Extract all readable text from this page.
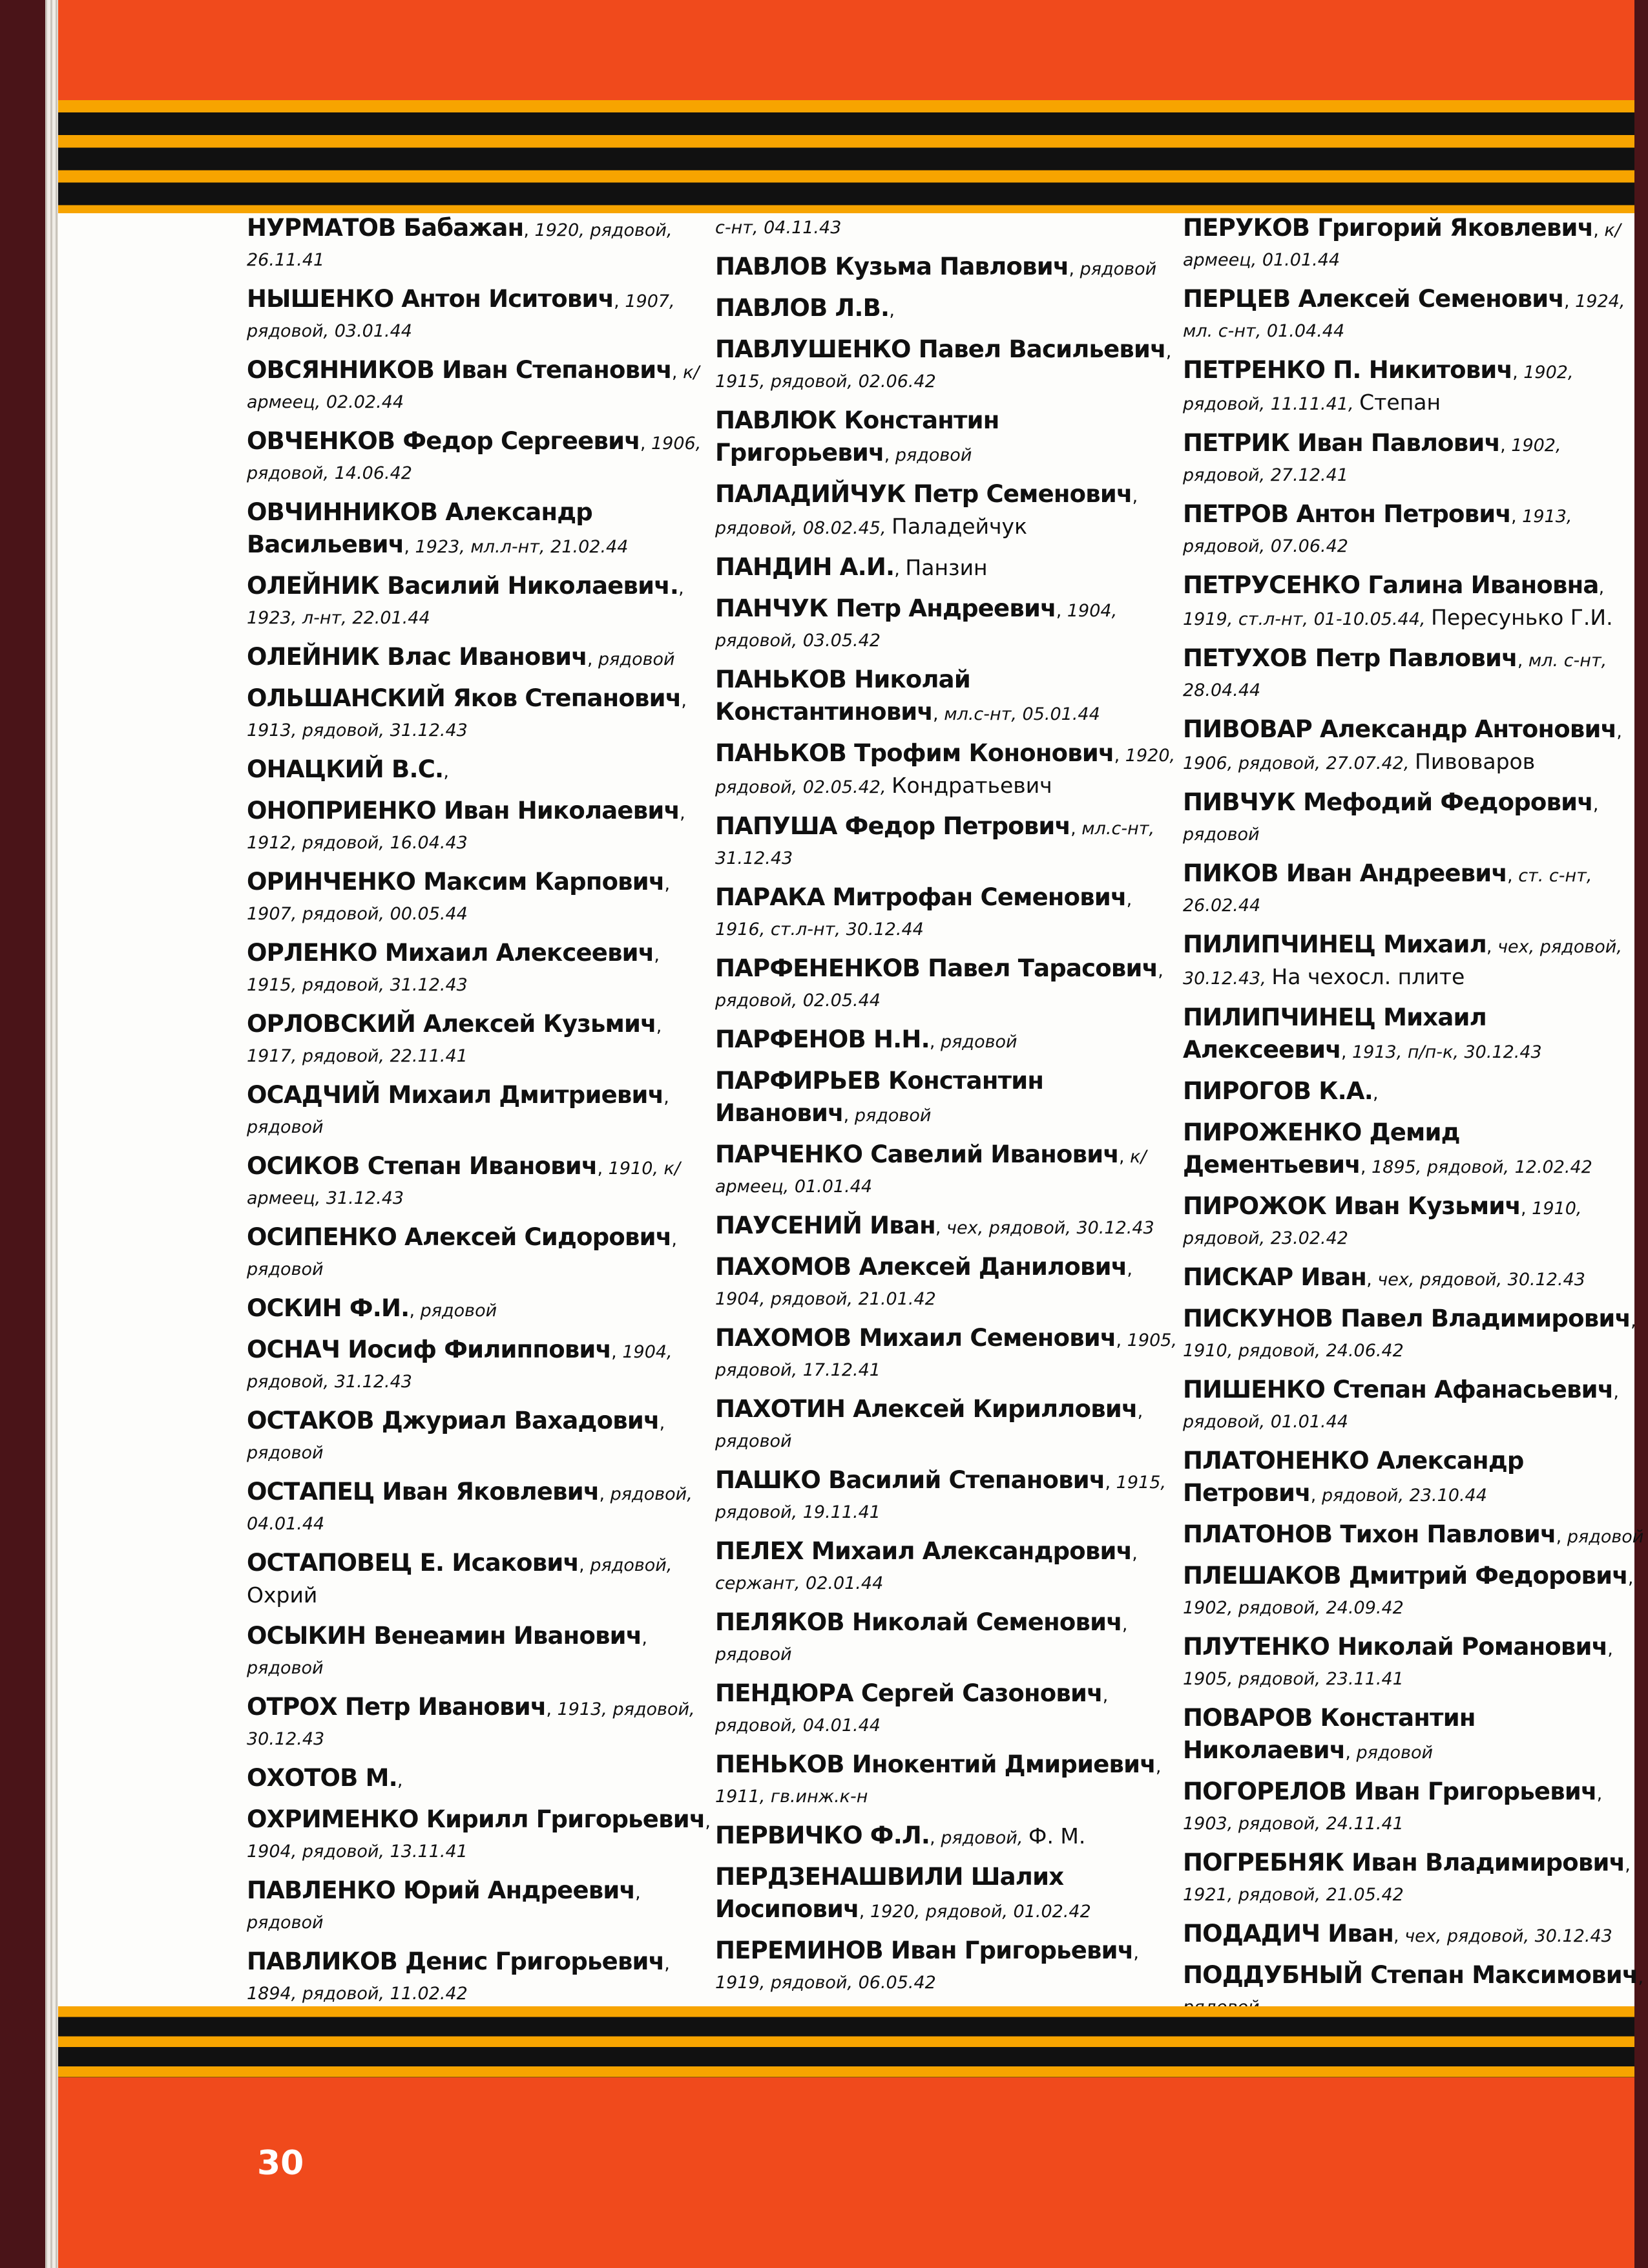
НУРМАТОВ Бабажан, 1920, рядовой, 26.11.41
НЫШЕНКО Антон Иситович, 1907, рядовой, 03.01.44
ОВСЯННИКОВ Иван Степанович, к/армеец, 02.02.44
ОВЧЕНКОВ Федор Сергеевич, 1906, рядовой, 14.06.42
ОВЧИННИКОВ Александр Васильевич, 1923, мл.л-нт, 21.02.44
ОЛЕЙНИК Василий Николаевич., 1923, л-нт, 22.01.44
ОЛЕЙНИК Влас Иванович, рядовой
ОЛЬШАНСКИЙ Яков Степанович, 1913, рядовой, 31.12.43
ОНАЦКИЙ В.С.,
ОНОПРИЕНКО Иван Николаевич, 1912, рядовой, 16.04.43
ОРИНЧЕНКО Максим Карпович, 1907, рядовой, 00.05.44
ОРЛЕНКО Михаил Алексеевич, 1915, рядовой, 31.12.43
ОРЛОВСКИЙ Алексей Кузьмич, 1917, рядовой, 22.11.41
ОСАДЧИЙ Михаил Дмитриевич, рядовой
ОСИКОВ Степан Иванович, 1910, к/армеец, 31.12.43
ОСИПЕНКО Алексей Сидорович, рядовой
ОСКИН Ф.И., рядовой
ОСНАЧ Иосиф Филиппович, 1904, рядовой, 31.12.43
ОСТАКОВ Джуриал Вахадович, рядовой
ОСТАПЕЦ Иван Яковлевич, рядовой, 04.01.44
ОСТАПОВЕЦ Е. Исакович, рядовой, Охрий
ОСЫКИН Венеамин Иванович, рядовой
ОТРОХ Петр Иванович, 1913, рядовой, 30.12.43
ОХОТОВ М.,
ОХРИМЕНКО Кирилл Григорьевич, 1904, рядовой, 13.11.41
ПАВЛЕНКО Юрий Андреевич, рядовой
ПАВЛИКОВ Денис Григорьевич, 1894, рядовой, 11.02.42
с-нт, 04.11.43
ПАВЛОВ Кузьма Павлович, рядовой
ПАВЛОВ Л.В.,
ПАВЛУШЕНКО Павел Васильевич, 1915, рядовой, 02.06.42
ПАВЛЮК Константин Григорьевич, рядовой
ПАЛАДИЙЧУК Петр Семенович, рядовой, 08.02.45, Паладейчук
ПАНДИН А.И., Панзин
ПАНЧУК Петр Андреевич, 1904, рядовой, 03.05.42
ПАНЬКОВ Николай Константинович, мл.с-нт, 05.01.44
ПАНЬКОВ Трофим Кононович, 1920, рядовой, 02.05.42, Кондратьевич
ПАПУША Федор Петрович, мл.с-нт, 31.12.43
ПАРАКА Митрофан Семенович, 1916, ст.л-нт, 30.12.44
ПАРФЕНЕНКОВ Павел Тарасович, рядовой, 02.05.44
ПАРФЕНОВ Н.Н., рядовой
ПАРФИРЬЕВ Константин Иванович, рядовой
ПАРЧЕНКО Савелий Иванович, к/армеец, 01.01.44
ПАУСЕНИЙ Иван, чех, рядовой, 30.12.43
ПАХОМОВ Алексей Данилович, 1904, рядовой, 21.01.42
ПАХОМОВ Михаил Семенович, 1905, рядовой, 17.12.41
ПАХОТИН Алексей Кириллович, рядовой
ПАШКО Василий Степанович, 1915, рядовой, 19.11.41
ПЕЛЕХ Михаил Александрович, сержант, 02.01.44
ПЕЛЯКОВ Николай Семенович, рядовой
ПЕНДЮРА Сергей Сазонович, рядовой, 04.01.44
ПЕНЬКОВ Инокентий Дмириевич, 1911, гв.инж.к-н
ПЕРВИЧКО Ф.Л., рядовой, Ф. М.
ПЕРДЗЕНАШВИЛИ Шалих Иосипович, 1920, рядовой, 01.02.42
ПЕРЕМИНОВ Иван Григорьевич, 1919, рядовой, 06.05.42
ПЕРУКОВ Григорий Яковлевич, к/армеец, 01.01.44
ПЕРЦЕВ Алексей Семенович, 1924, мл. с-нт, 01.04.44
ПЕТРЕНКО П. Никитович, 1902, рядовой, 11.11.41, Степан
ПЕТРИК Иван Павлович, 1902, рядовой, 27.12.41
ПЕТРОВ Антон Петрович, 1913, рядовой, 07.06.42
ПЕТРУСЕНКО Галина Ивановна, 1919, ст.л-нт, 01-10.05.44, Пересунько Г.И.
ПЕТУХОВ Петр Павлович, мл. с-нт, 28.04.44
ПИВОВАР Александр Антонович, 1906, рядовой, 27.07.42, Пивоваров
ПИВЧУК Мефодий Федорович, рядовой
ПИКОВ Иван Андреевич, ст. с-нт, 26.02.44
ПИЛИПЧИНЕЦ Михаил, чех, рядовой, 30.12.43, На чехосл. плите
ПИЛИПЧИНЕЦ Михаил Алексеевич, 1913, п/п-к, 30.12.43
ПИРОГОВ К.А.,
ПИРОЖЕНКО Демид Дементьевич, 1895, рядовой, 12.02.42
ПИРОЖОК Иван Кузьмич, 1910, рядовой, 23.02.42
ПИСКАР Иван, чех, рядовой, 30.12.43
ПИСКУНОВ Павел Владимирович, 1910, рядовой, 24.06.42
ПИШЕНКО Степан Афанасьевич, рядовой, 01.01.44
ПЛАТОНЕНКО Александр Петрович, рядовой, 23.10.44
ПЛАТОНОВ Тихон Павлович, рядовой
ПЛЕШАКОВ Дмитрий Федорович, 1902, рядовой, 24.09.42
ПЛУТЕНКО Николай Романович, 1905, рядовой, 23.11.41
ПОВАРОВ Константин Николаевич, рядовой
ПОГОРЕЛОВ Иван Григорьевич, 1903, рядовой, 24.11.41
ПОГРЕБНЯК Иван Владимирович, 1921, рядовой, 21.05.42
ПОДАДИЧ Иван, чех, рядовой, 30.12.43
ПОДДУБНЫЙ Степан Максимович,
30
